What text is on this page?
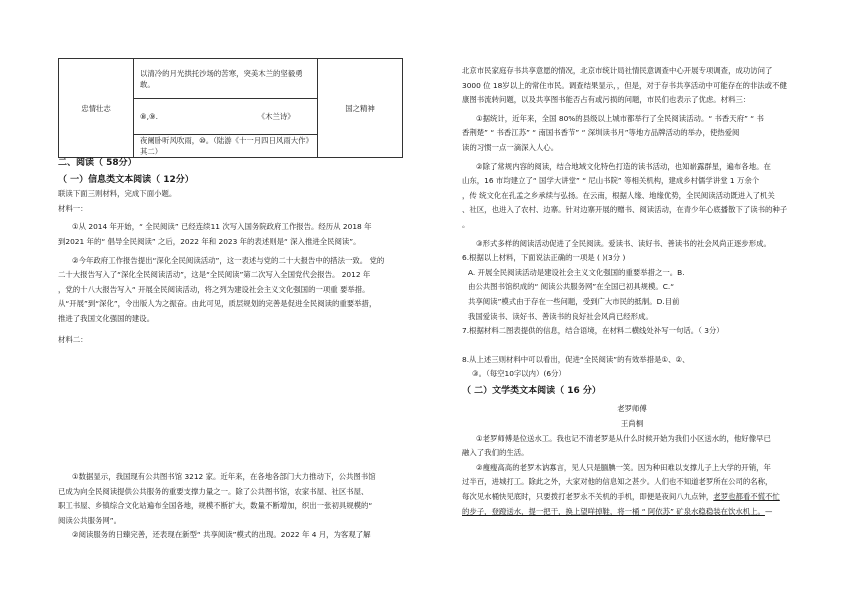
忠情壮志	以清冷的月光拱托沙场的苦寒，突美木兰的坚毅勇敢。	国之精神
⑧,⑨.	《木兰诗》
夜阑卧听风吹雨，⑩。（陆游《十一月四日风雨大作》其二）

二、阅读（ 58分）

（ 一）信息类文本阅读（ 12分）

联读下面三则材料，完成下面小题。

材料一：

①从 2014 年开始，“ 全民阅读” 已经连续11 次写入国务院政府工作报告。经历从 2018 年

到2021 年的“ 倡导全民阅读” 之后，2022 年和 2023 年的表述则是“ 深入推进全民阅读”。

②今年政府工作报告提出“深化全民阅读活动”，这一表述与党的二十大报告中的措法一致。 党的

二十大报告写入了“深化全民阅读活动”，这是“全民阅读”第二次写入全国党代会报告。 2012 年

，党的十八大报告写入“ 开展全民阅读活动，将之列为建设社会主义文化强国的一项重 要举措。

从“开展”到“深化”，令出版人为之振奋。由此可见，质层规划的完善是促进全民阅读的重要举措，

推进了我国文化强国的建设。

材料二：

①数据显示，我国现有公共图书馆 3212 家。近年来，在各地各部门大力推动下，公共图书馆

已成为向全民阅读提供公共服务的重要支撑力量之一。除了公共图书馆，农家书屋、社区书屋、

职工书屋、乡镇综合文化站遍布全国各地，规模不断扩大，数量不断增加，织出一张初具规模的“

阅读公共服务网”。

②阅读服务的日臻完善，还表现在新型“ 共享阅读”模式的出现。2022 年 4 月，为客观了解

北京市民家庭存书共享意愿的情况，北京市统计局社情民意调查中心开展专项调查，成功访问了

3000 位 18岁以上的常住市民。调查结果显示，，但是，对于存书共享活动中可能存在的非法或不健

康图书流转问题，以及共享图书能否占有或污损的问题，市民们也表示了优虑。材料三：

①据统计，近年来，全国 80%的县级以上城市都举行了全民阅读活动。“ 书香天府” “ 书

香荆楚” “ 书香江苏” “ 南国书香节” “ 深圳读书月”等地方品牌活动的举办，使热爱阅

读的习惯一点一滴深入人心。

②除了常规内容的阅读，结合地域文化特色打造的读书活动，也知崭露群星，遍布各地。在

山东，16 市均建立了“ 国学大讲堂” “ 尼山书院” 等相关机构，建成乡村儒学讲堂 1 万余个

，传 统文化在孔孟之乡承续与弘扬。在云南，根据人缘、地缘优势，全民阅读活动既进入了机关

、社区，也进入了农村、边寨。针对边寨开展的赠书、阅读活动，在青少年心底播散下了读书的种子

。

③形式多样的阅读活动促进了全民阅读。爱读书、读好书、善读书的社会风尚正逐步形成。

6.根据以上材料，下面说法正确的一项是 ( )(3分 )

A. 开展全民阅读活动是建设社会主义文化强国的重要举措之一。B.

由公共图书馆织成的“ 阅读公共服务网”在全国已初具规模。C.“

共享阅读”模式由于存在一些问题，受到广大市民的抵制。D.目前

我国爱读书、读好书、善读书的良好社会风尚已经形成。

7.根据材料二图表提供的信息，结合语境，在材料二横线处补写一句话。（ 3分）

8.从上述三则材料中可以看出，促进“全民阅读”的有效举措是①、②、

③。（每空10字以内）(6分）

（ 二）文学类文本阅读（ 16 分）

老罗师傅

王尚桐

①老罗师傅是位送水工。我也记不清老罗是从什么时候开始为我们小区送水的，他好像早已

融入了我们的生活。

②瘦瘦高高的老罗木讷寡言，见人只是腼腆一笑。因为种田难以支撑儿子上大学的开销，年

过半百，进城打工。除此之外，大家对他的信息知之甚少。人们也不知道老罗所在公司的名称，

每次见水桶快见底时，只要拨打老罗永不关机的手机，即便是夜间八九点钟，老罗也都看不慌不忙

的步子，登蹬送水，提一把干，换上望咩掉鞋，将一桶 “ 阿依苏” 矿泉水稳稳装在饮水机上。—
